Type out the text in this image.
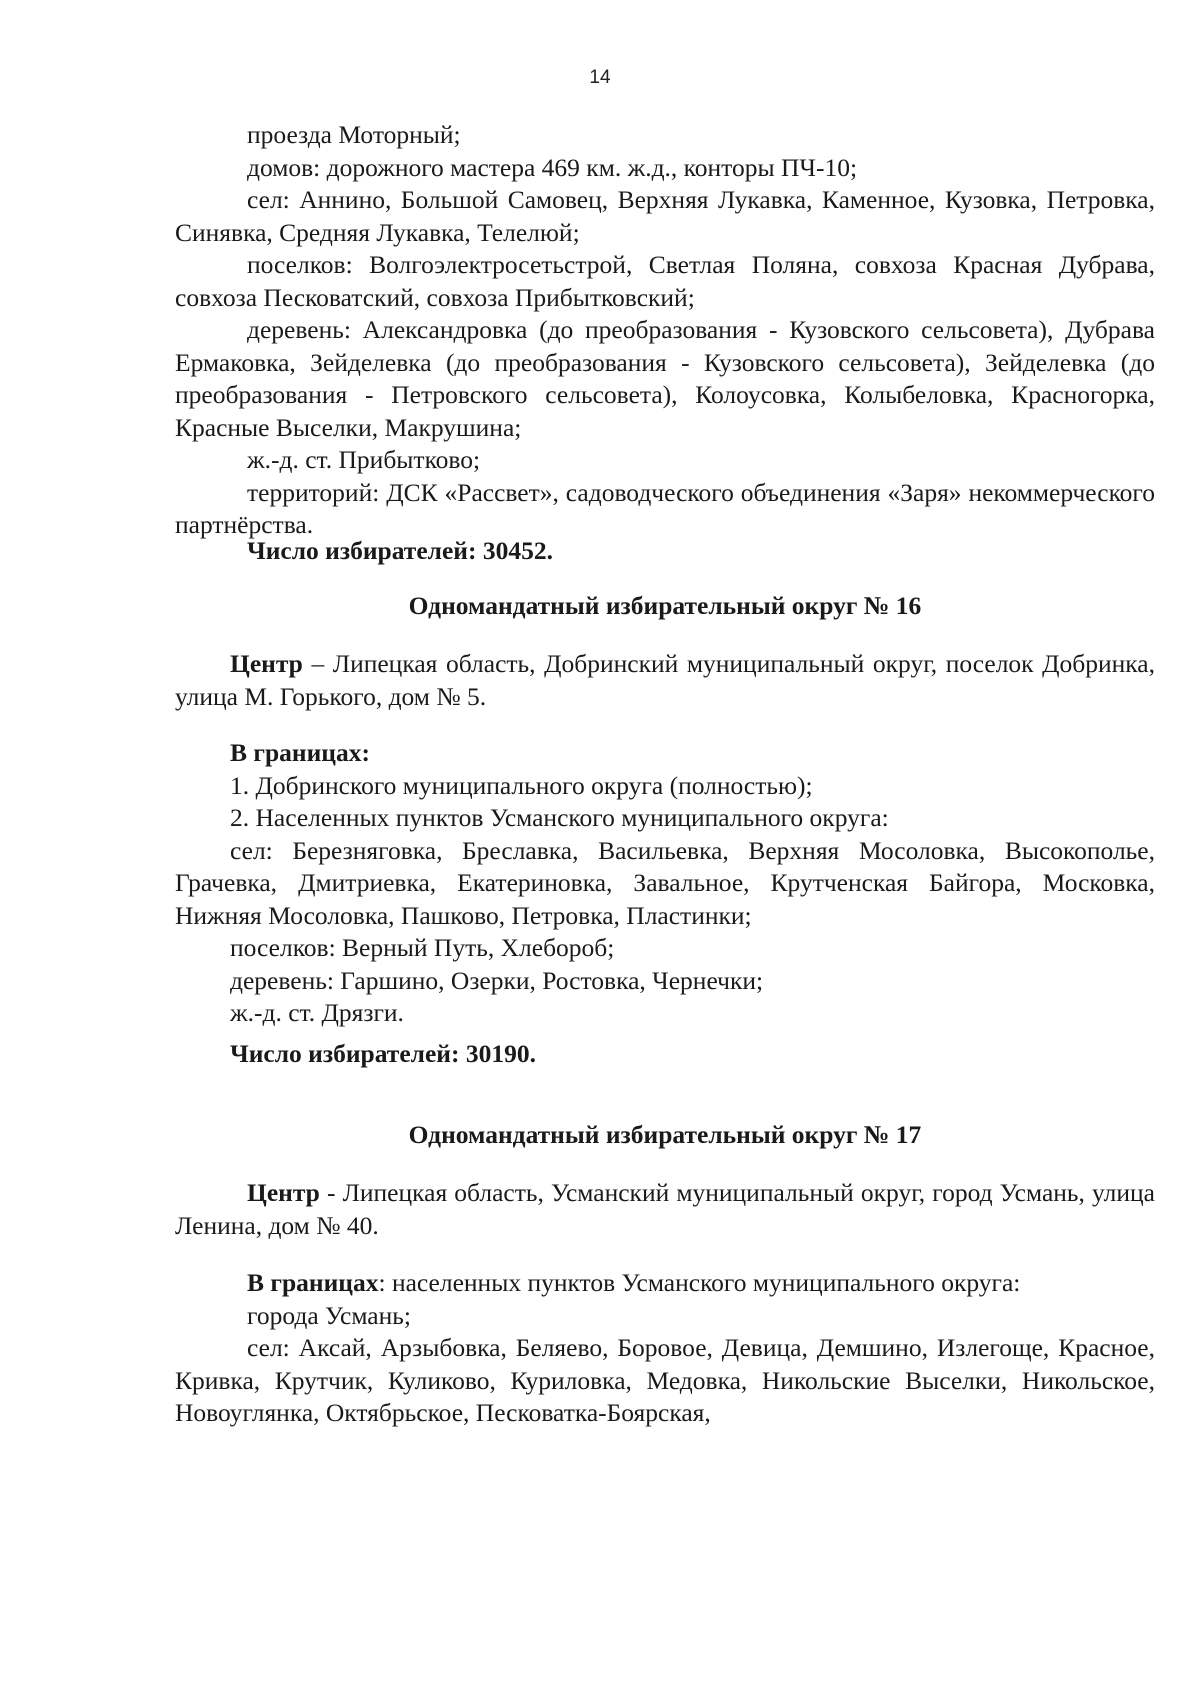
14

проезда Моторный;

домов: дорожного мастера 469 км. ж.д., конторы ПЧ-10;

сел: Аннино, Большой Самовец, Верхняя Лукавка, Каменное, Кузовка, Петровка, Синявка, Средняя Лукавка, Телелюй;

поселков: Волгоэлектросетьстрой, Светлая Поляна, совхоза Красная Дубрава, совхоза Песковатский, совхоза Прибытковский;

деревень: Александровка (до преобразования - Кузовского сельсовета), Дубрава Ермаковка, Зейделевка (до преобразования - Кузовского сельсовета), Зейделевка (до преобразования - Петровского сельсовета), Колоусовка, Колыбеловка, Красногорка, Красные Выселки, Макрушина;

ж.-д. ст. Прибытково;

территорий: ДСК «Рассвет», садоводческого объединения «Заря» некоммерческого партнёрства.

Число избирателей: 30452.

Одномандатный избирательный округ № 16

Центр – Липецкая область, Добринский муниципальный округ, поселок Добринка, улица М. Горького, дом № 5.

В границах:

1. Добринского муниципального округа (полностью);

2. Населенных пунктов Усманского муниципального округа:

сел: Березняговка, Бреславка, Васильевка, Верхняя Мосоловка, Высокополье, Грачевка, Дмитриевка, Екатериновка, Завальное, Крутченская Байгора, Московка, Нижняя Мосоловка, Пашково, Петровка, Пластинки;

поселков: Верный Путь, Хлебороб;

деревень: Гаршино, Озерки, Ростовка, Чернечки;

ж.-д. ст. Дрязги.

Число избирателей: 30190.

Одномандатный избирательный округ № 17

Центр - Липецкая область, Усманский муниципальный округ, город Усмань, улица Ленина, дом № 40.

В границах: населенных пунктов Усманского муниципального округа:

города Усмань;

сел: Аксай, Арзыбовка, Беляево, Боровое, Девица, Демшино, Излегоще, Красное, Кривка, Крутчик, Куликово, Куриловка, Медовка, Никольские Выселки, Никольское, Новоуглянка, Октябрьское, Песковатка-Боярская,
